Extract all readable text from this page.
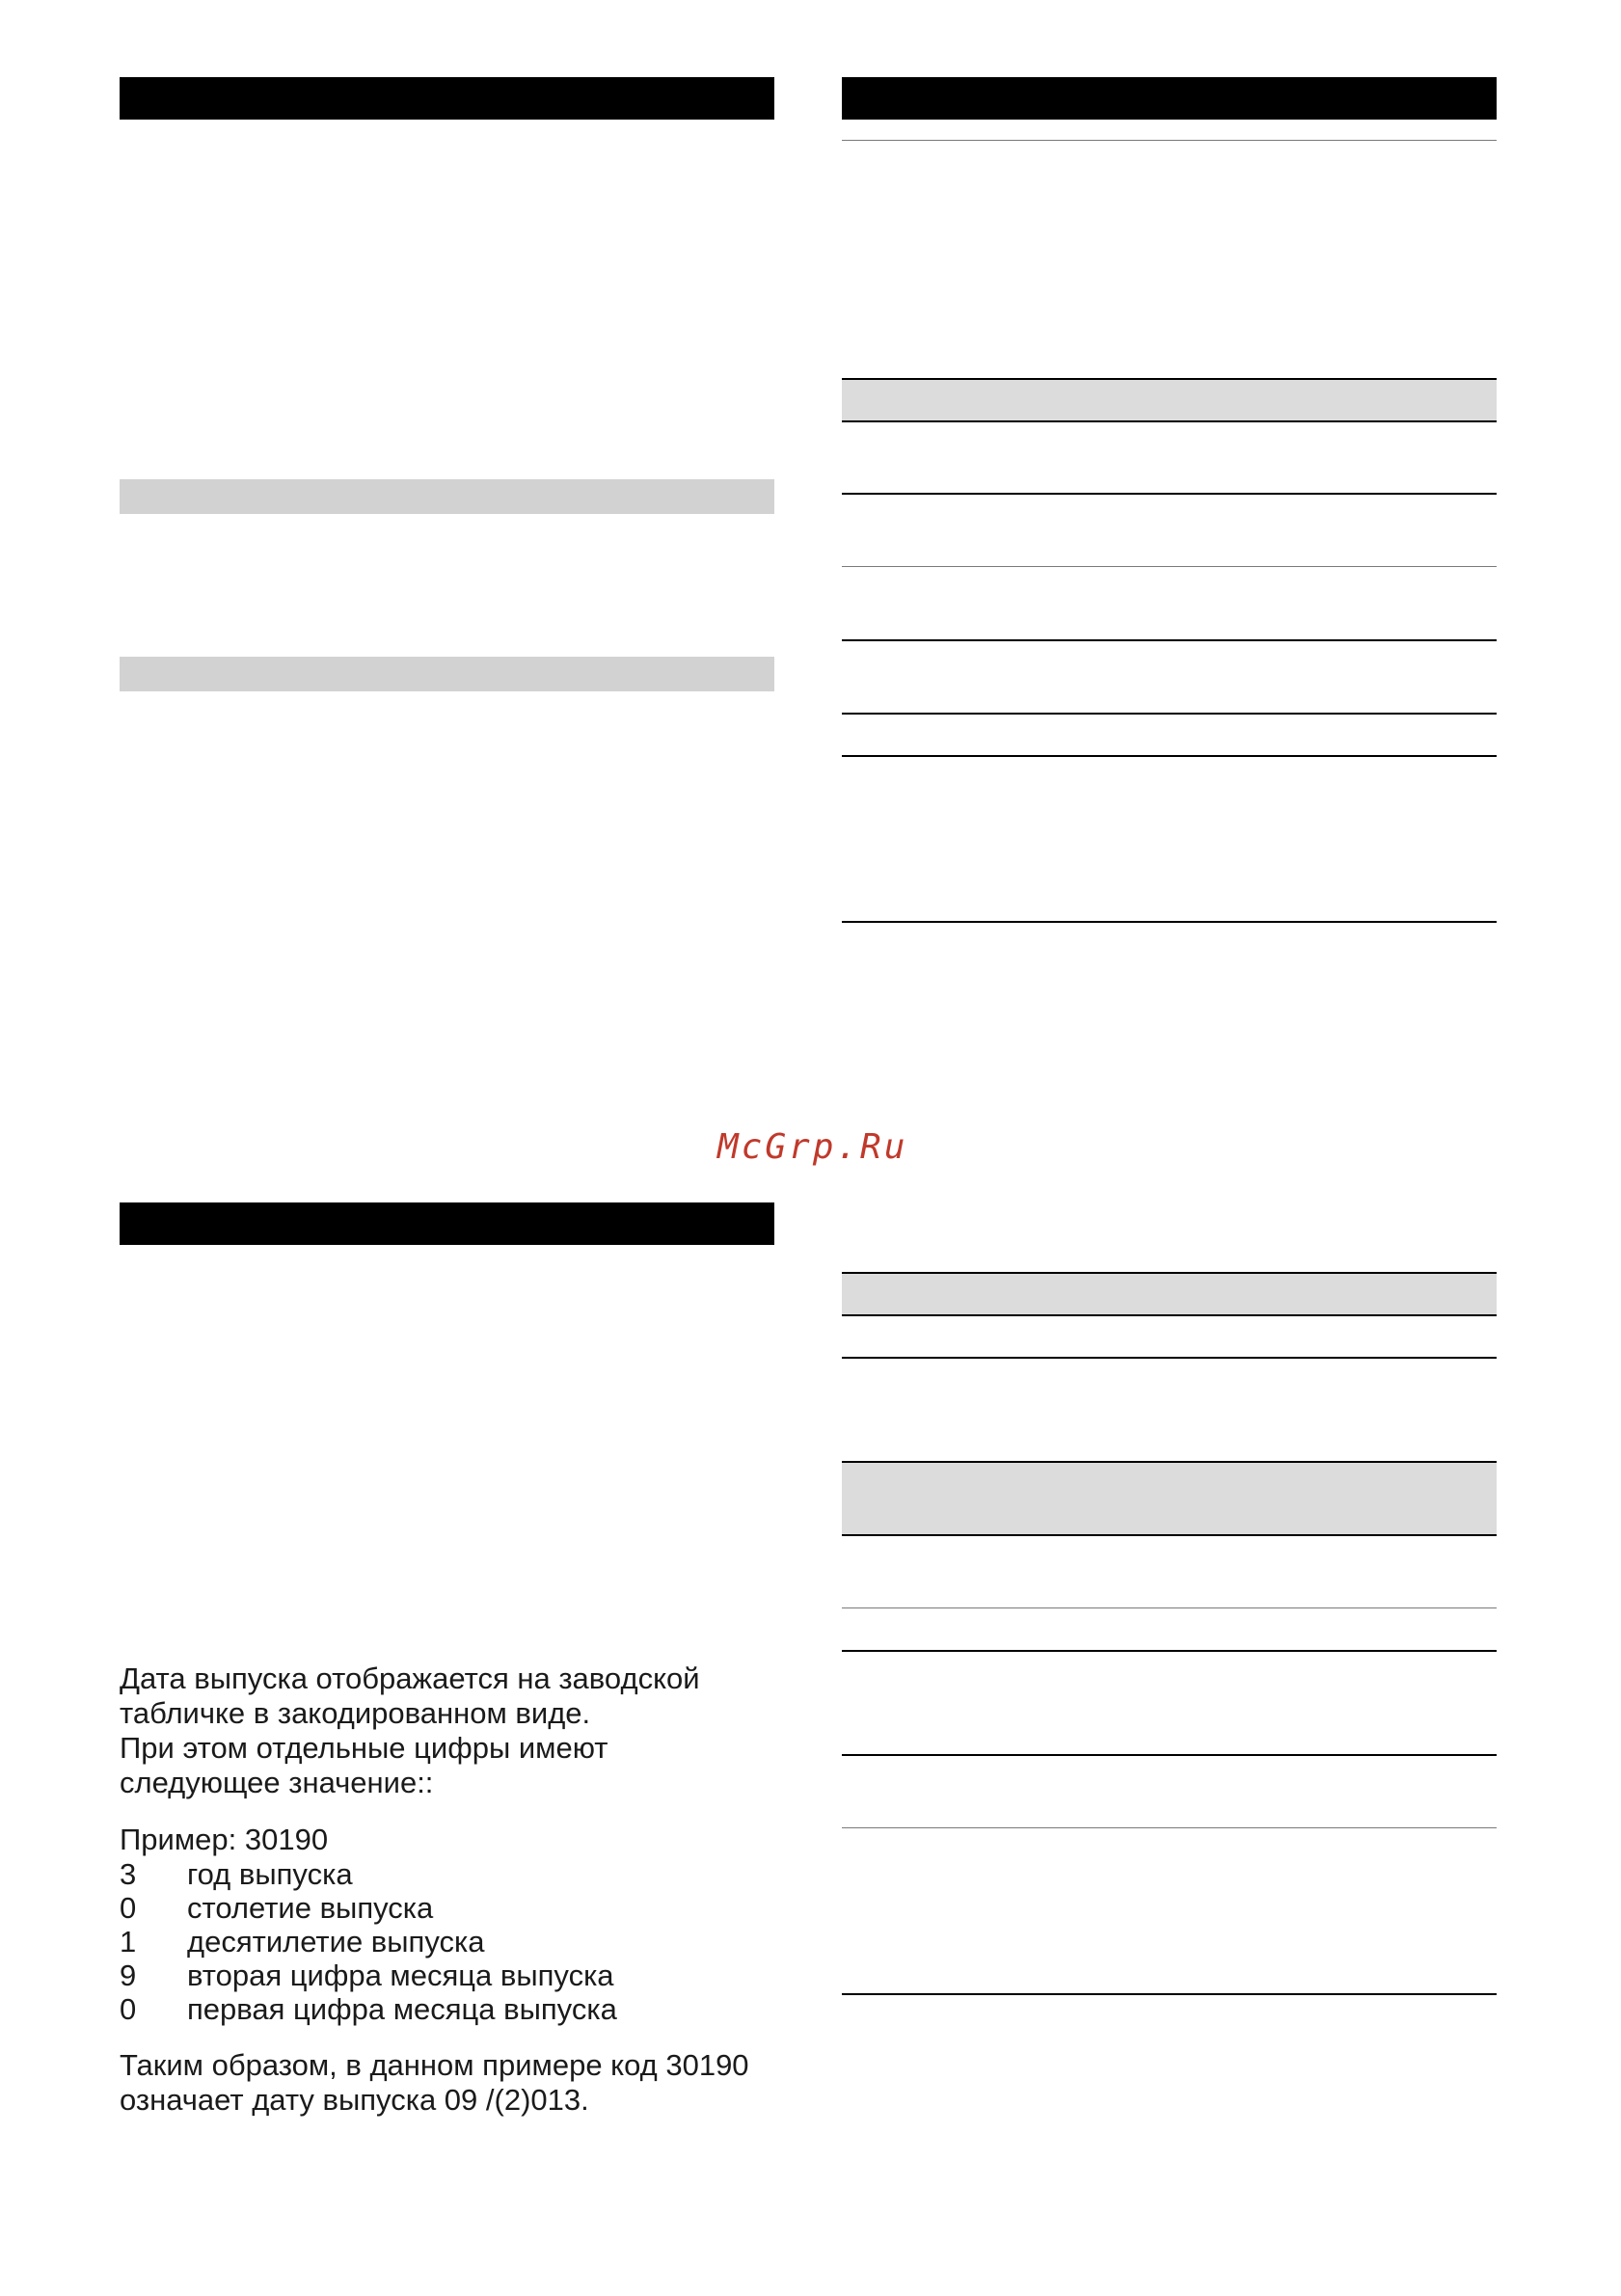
McGrp.Ru

Дата выпуска отображается на заводской

табличке в закодированном виде.

При этом отдельные цифры имеют

следующее значение::

Пример: 30190

3	год выпуска
0	столетие выпуска
1	десятилетие выпуска
9	вторая цифра месяца выпуска
0	первая цифра месяца выпуска

Таким образом, в данном примере код 30190

означает дату выпуска 09 /(2)013.
